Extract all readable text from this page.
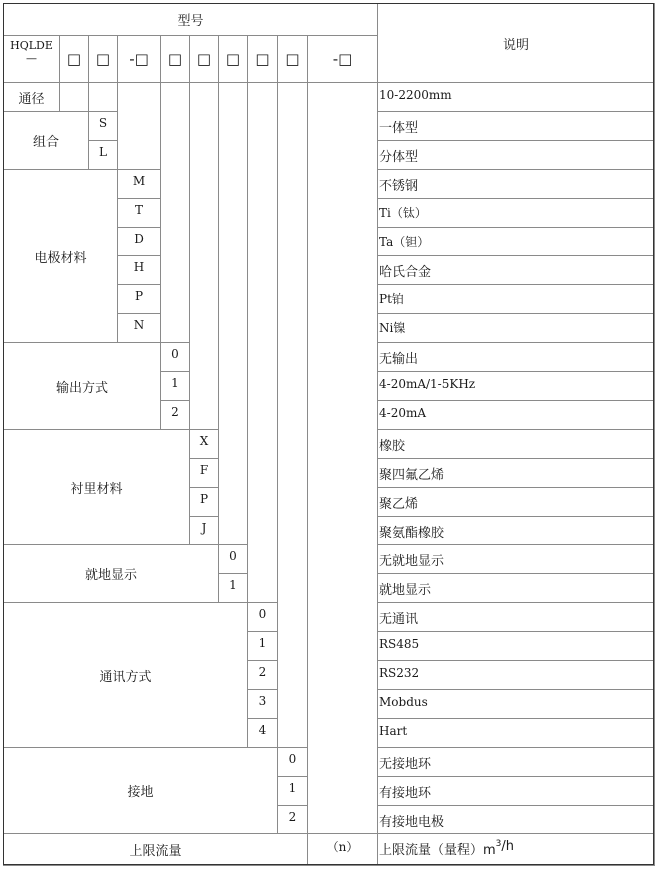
型号
说明
HQLDE
—	□ □	-□	□ □ □	□	□	-□
通径	10-2200mm
组合
S	一体型
L	分体型
电极材料
M	不锈钢
T	Ti（钛）
D	Ta（钽）
H	哈氏合金
P	Pt铂
N	Ni镍
输出方式
0	无输出
1	4-20mA/1-5KHz
2	4-20mA
衬里材料
X	橡胶
F	聚四氟乙烯
P	聚乙烯
J	聚氨酯橡胶
就地显示
0	无就地显示
1	就地显示
通讯方式
0	无通讯
1	RS485
2	RS232
3	Mobdus
4	Hart
接地
0	无接地环
1	有接地环
2	有接地电极
上限流量	（n）	上限流量（量程）$m^3$ /h
